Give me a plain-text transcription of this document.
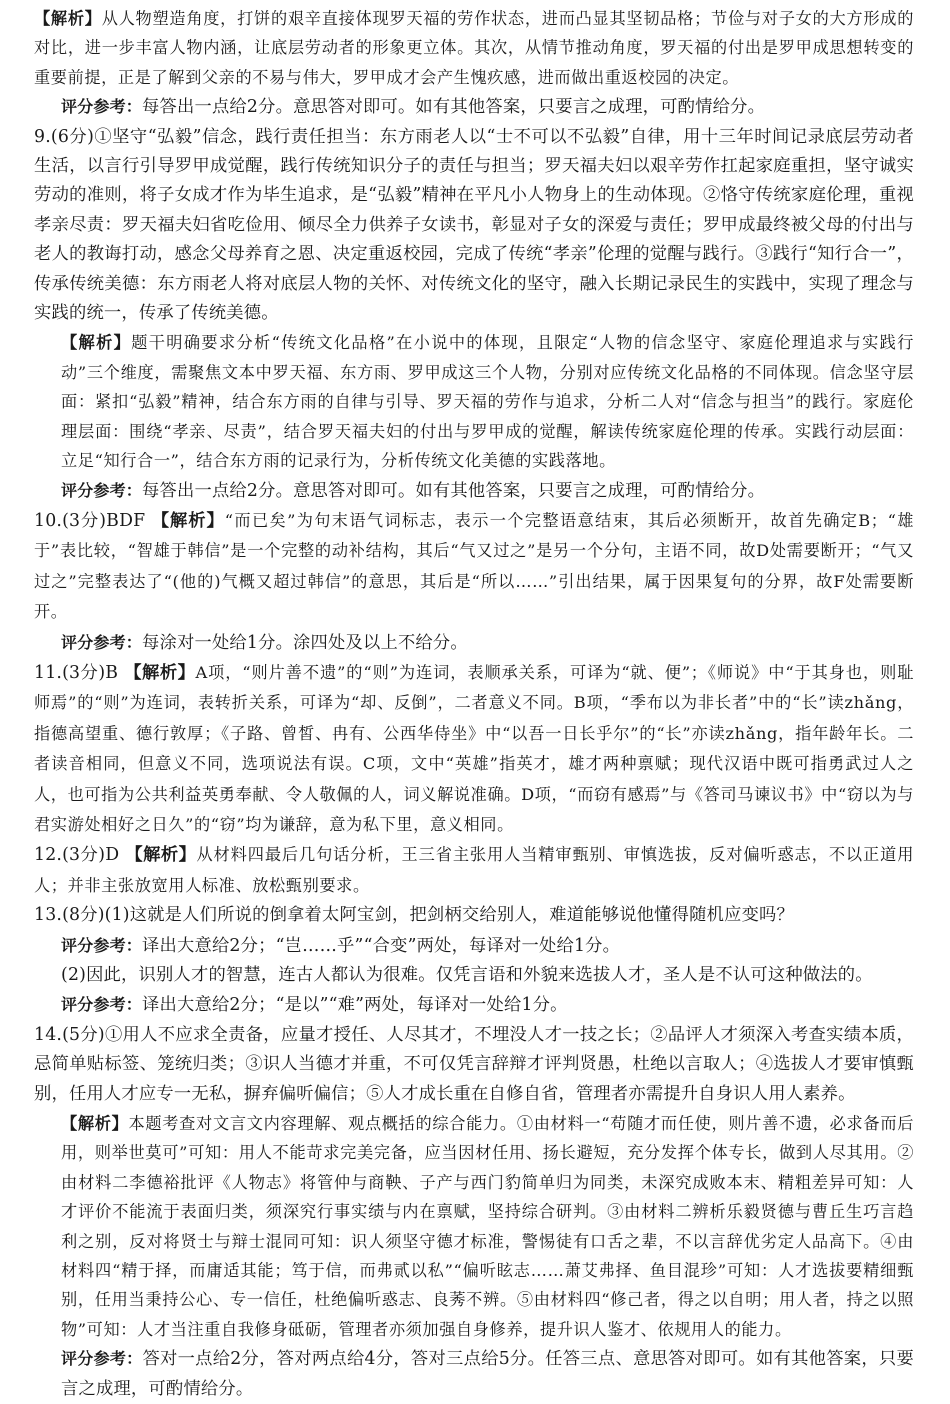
【解析】从人物塑造角度，打饼的艰辛直接体现罗天福的劳作状态，进而凸显其坚韧品格；节俭与对子女的大方形成的对比，进一步丰富人物内涵，让底层劳动者的形象更立体。其次，从情节推动角度，罗天福的付出是罗甲成思想转变的重要前提，正是了解到父亲的不易与伟大，罗甲成才会产生愧疚感，进而做出重返校园的决定。

评分参考：每答出一点给2分。意思答对即可。如有其他答案，只要言之成理，可酌情给分。

9.(6分)①坚守“弘毅”信念，践行责任担当：东方雨老人以“士不可以不弘毅”自律，用十三年时间记录底层劳动者生活，以言行引导罗甲成觉醒，践行传统知识分子的责任与担当；罗天福夫妇以艰辛劳作扛起家庭重担，坚守诚实劳动的准则，将子女成才作为毕生追求，是“弘毅”精神在平凡小人物身上的生动体现。②恪守传统家庭伦理，重视孝亲尽责：罗天福夫妇省吃俭用、倾尽全力供养子女读书，彰显对子女的深爱与责任；罗甲成最终被父母的付出与老人的教诲打动，感念父母养育之恩、决定重返校园，完成了传统“孝亲”伦理的觉醒与践行。③践行“知行合一”，传承传统美德：东方雨老人将对底层人物的关怀、对传统文化的坚守，融入长期记录民生的实践中，实现了理念与实践的统一，传承了传统美德。

【解析】题干明确要求分析“传统文化品格”在小说中的体现，且限定“人物的信念坚守、家庭伦理追求与实践行动”三个维度，需聚焦文本中罗天福、东方雨、罗甲成这三个人物，分别对应传统文化品格的不同体现。信念坚守层面：紧扣“弘毅”精神，结合东方雨的自律与引导、罗天福的劳作与追求，分析二人对“信念与担当”的践行。家庭伦理层面：围绕“孝亲、尽责”，结合罗天福夫妇的付出与罗甲成的觉醒，解读传统家庭伦理的传承。实践行动层面：立足“知行合一”，结合东方雨的记录行为，分析传统文化美德的实践落地。

评分参考：每答出一点给2分。意思答对即可。如有其他答案，只要言之成理，可酌情给分。

10.(3分)BDF 【解析】“而已矣”为句末语气词标志，表示一个完整语意结束，其后必须断开，故首先确定B；“雄于”表比较，“智雄于韩信”是一个完整的动补结构，其后“气又过之”是另一个分句，主语不同，故D处需要断开；“气又过之”完整表达了“(他的)气概又超过韩信”的意思，其后是“所以……”引出结果，属于因果复句的分界，故F处需要断开。

评分参考：每涂对一处给1分。涂四处及以上不给分。

11.(3分)B 【解析】A项，“则片善不遗”的“则”为连词，表顺承关系，可译为“就、便”；《师说》中“于其身也，则耻师焉”的“则”为连词，表转折关系，可译为“却、反倒”，二者意义不同。B项，“季布以为非长者”中的“长”读zhǎng，指德高望重、德行敦厚；《子路、曾皙、冉有、公西华侍坐》中“以吾一日长乎尔”的“长”亦读zhǎng，指年龄年长。二者读音相同，但意义不同，选项说法有误。C项，文中“英雄”指英才，雄才两种禀赋；现代汉语中既可指勇武过人之人，也可指为公共利益英勇奉献、令人敬佩的人，词义解说准确。D项，“而窃有感焉”与《答司马谏议书》中“窃以为与君实游处相好之日久”的“窃”均为谦辞，意为私下里，意义相同。

12.(3分)D 【解析】从材料四最后几句话分析，王三省主张用人当精审甄别、审慎选拔，反对偏听惑志，不以正道用人；并非主张放宽用人标准、放松甄别要求。

13.(8分)(1)这就是人们所说的倒拿着太阿宝剑，把剑柄交给别人，难道能够说他懂得随机应变吗？

评分参考：译出大意给2分；“岂……乎”“合变”两处，每译对一处给1分。

(2)因此，识别人才的智慧，连古人都认为很难。仅凭言语和外貌来选拔人才，圣人是不认可这种做法的。

评分参考：译出大意给2分；“是以”“难”两处，每译对一处给1分。

14.(5分)①用人不应求全责备，应量才授任、人尽其才，不埋没人才一技之长；②品评人才须深入考查实绩本质，忌简单贴标签、笼统归类；③识人当德才并重，不可仅凭言辞辩才评判贤愚，杜绝以言取人；④选拔人才要审慎甄别，任用人才应专一无私，摒弃偏听偏信；⑤人才成长重在自修自省，管理者亦需提升自身识人用人素养。

【解析】本题考查对文言文内容理解、观点概括的综合能力。①由材料一“苟随才而任使，则片善不遗，必求备而后用，则举世莫可”可知：用人不能苛求完美完备，应当因材任用、扬长避短，充分发挥个体专长，做到人尽其用。②由材料二李德裕批评《人物志》将管仲与商鞅、子产与西门豹简单归为同类，未深究成败本末、精粗差异可知：人才评价不能流于表面归类，须深究行事实绩与内在禀赋，坚持综合研判。③由材料二辨析乐毅贤德与曹丘生巧言趋利之别，反对将贤士与辩士混同可知：识人须坚守德才标准，警惕徒有口舌之辈，不以言辞优劣定人品高下。④由材料四“精于择，而庸适其能；笃于信，而弗贰以私”“偏听眩志……萧艾弗择、鱼目混珍”可知：人才选拔要精细甄别，任用当秉持公心、专一信任，杜绝偏听惑志、良莠不辨。⑤由材料四“修己者，得之以自明；用人者，持之以照物”可知：人才当注重自我修身砥砺，管理者亦须加强自身修养，提升识人鉴才、依规用人的能力。

评分参考：答对一点给2分，答对两点给4分，答对三点给5分。任答三点、意思答对即可。如有其他答案，只要言之成理，可酌情给分。
